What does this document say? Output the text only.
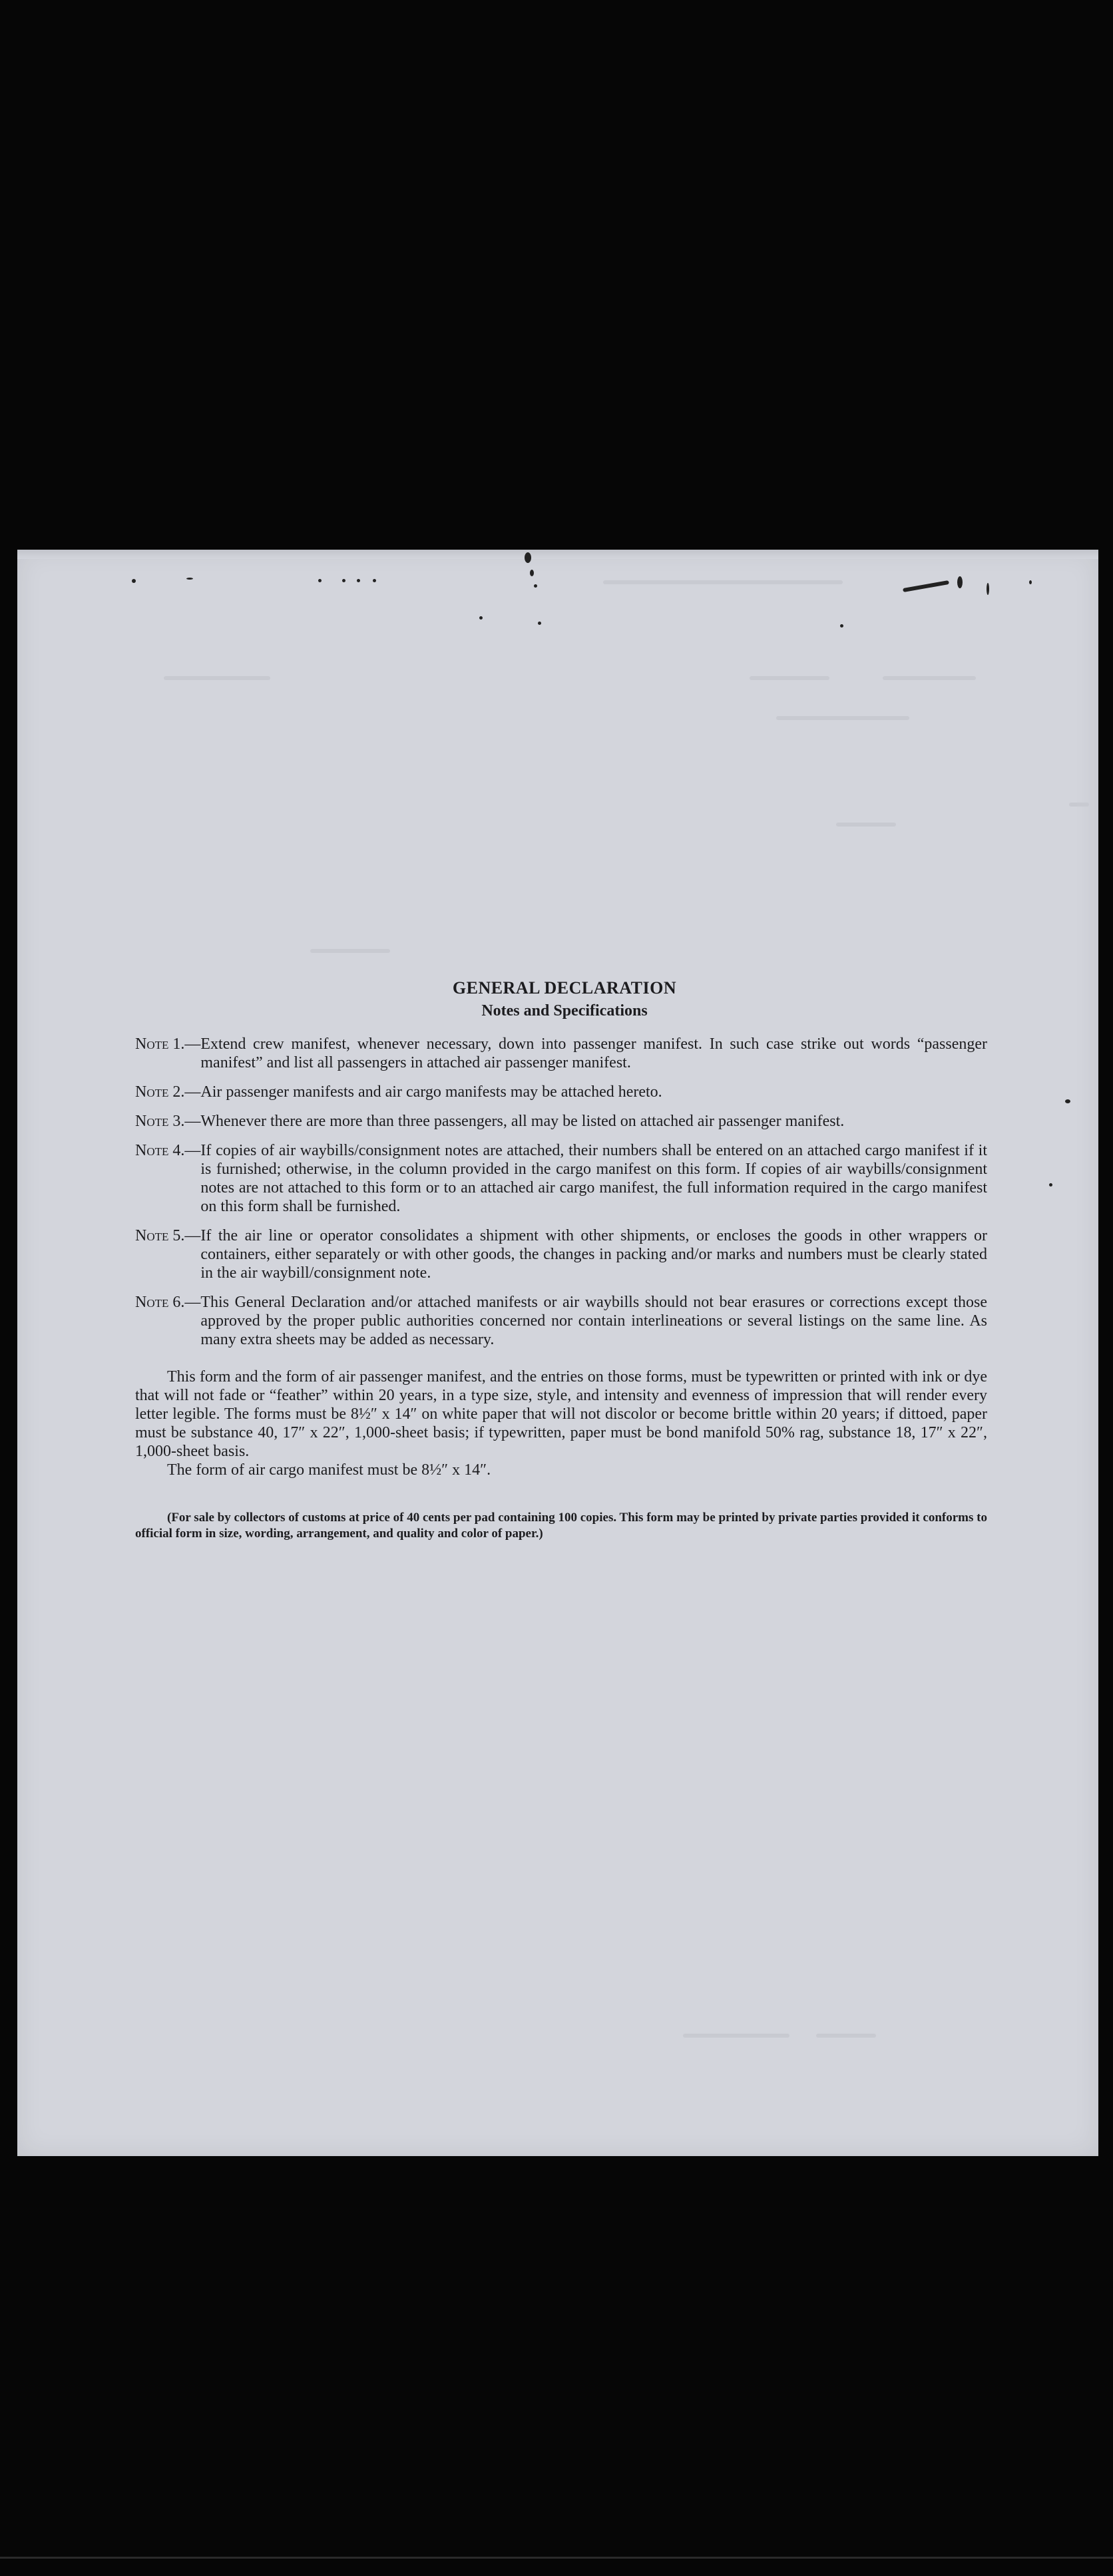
GENERAL DECLARATION
Notes and Specifications
Note 1.— Extend crew manifest, whenever necessary, down into passenger manifest. In such case strike out words “passenger manifest” and list all passengers in attached air passenger manifest.
Note 2.— Air passenger manifests and air cargo manifests may be attached hereto.
Note 3.— Whenever there are more than three passengers, all may be listed on attached air passenger manifest.
Note 4.— If copies of air waybills/consignment notes are attached, their numbers shall be entered on an attached cargo manifest if it is furnished; otherwise, in the column provided in the cargo manifest on this form. If copies of air waybills/consignment notes are not attached to this form or to an attached air cargo manifest, the full information required in the cargo manifest on this form shall be furnished.
Note 5.— If the air line or operator consolidates a shipment with other shipments, or encloses the goods in other wrappers or containers, either separately or with other goods, the changes in packing and/or marks and numbers must be clearly stated in the air waybill/consignment note.
Note 6.— This General Declaration and/or attached manifests or air waybills should not bear erasures or corrections except those approved by the proper public authorities concerned nor contain interlineations or several listings on the same line. As many extra sheets may be added as necessary.
This form and the form of air passenger manifest, and the entries on those forms, must be typewritten or printed with ink or dye that will not fade or “feather” within 20 years, in a type size, style, and intensity and evenness of impression that will render every letter legible. The forms must be 8½″ x 14″ on white paper that will not discolor or become brittle within 20 years; if dittoed, paper must be substance 40, 17″ x 22″, 1,000-sheet basis; if typewritten, paper must be bond manifold 50% rag, substance 18, 17″ x 22″, 1,000-sheet basis.
The form of air cargo manifest must be 8½″ x 14″.
(For sale by collectors of customs at price of 40 cents per pad containing 100 copies. This form may be printed by private parties provided it conforms to official form in size, wording, arrangement, and quality and color of paper.)
